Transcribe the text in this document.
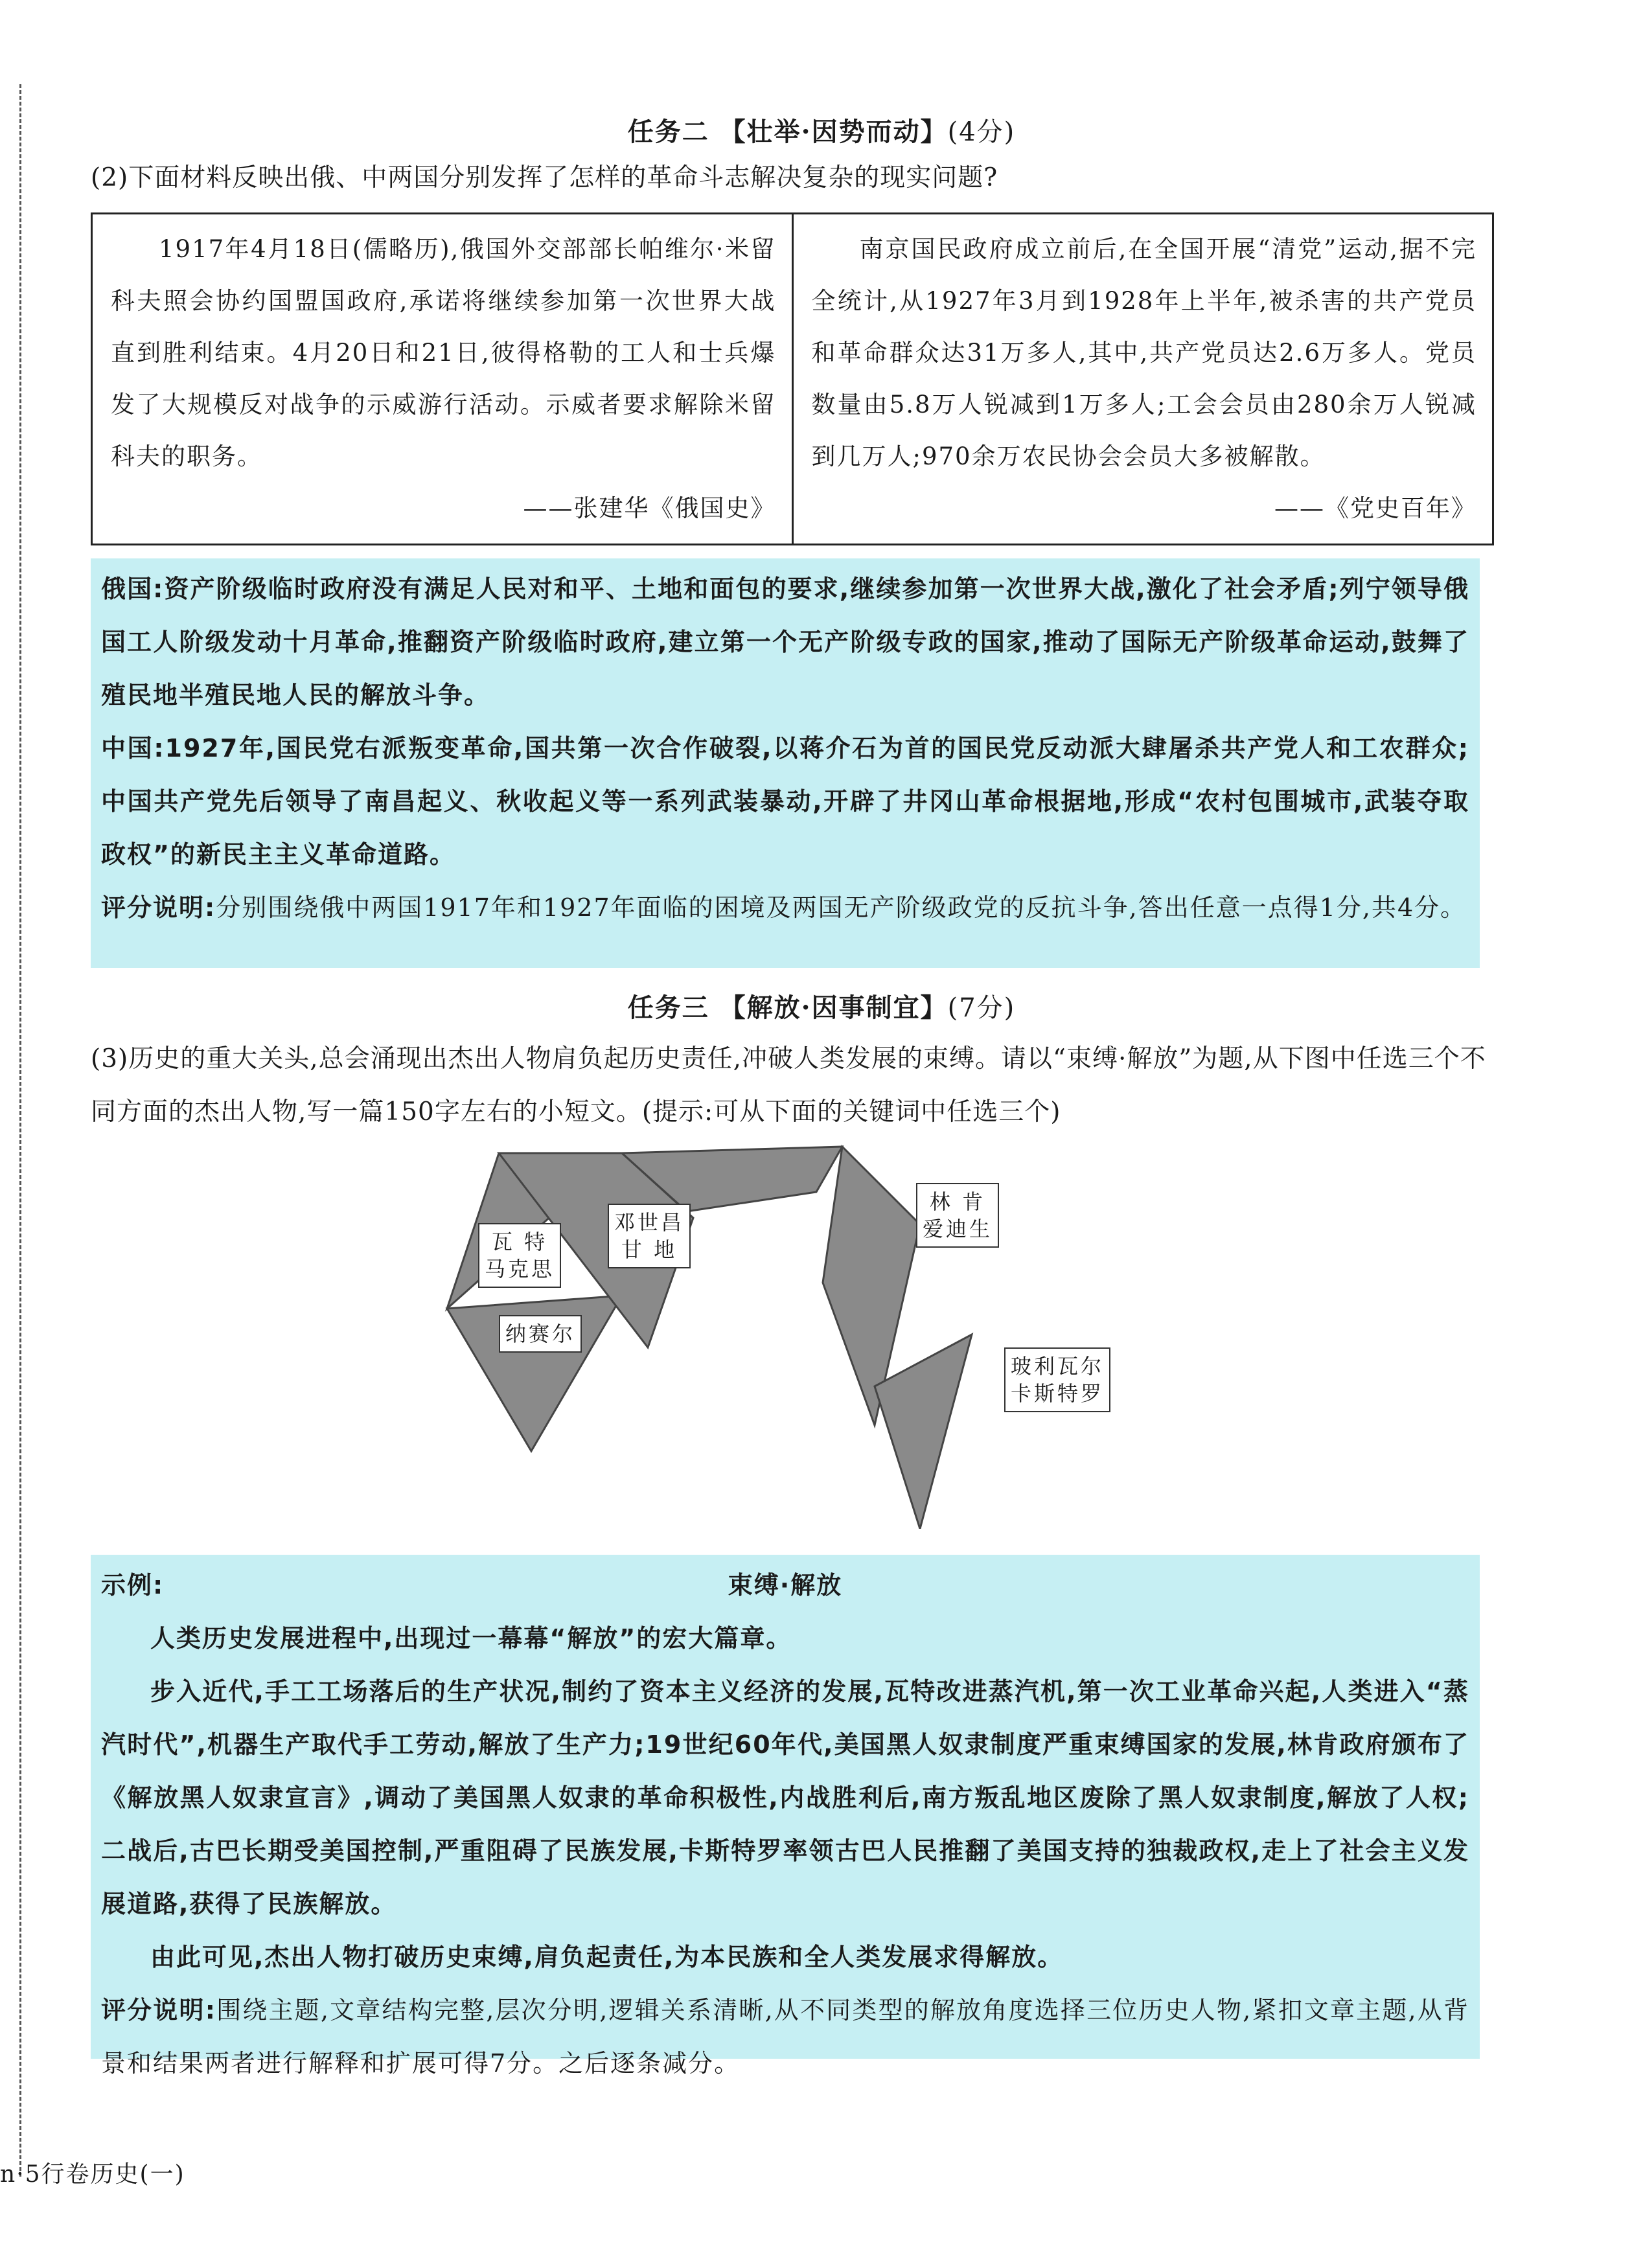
任务二 【壮举·因势而动】(4分)
(2)下面材料反映出俄、中两国分别发挥了怎样的革命斗志解决复杂的现实问题?

1917年4月18日(儒略历),俄国外交部部长帕维尔·米留科夫照会协约国盟国政府,承诺将继续参加第一次世界大战直到胜利结束。4月20日和21日,彼得格勒的工人和士兵爆发了大规模反对战争的示威游行活动。示威者要求解除米留科夫的职务。

——张建华《俄国史》

南京国民政府成立前后,在全国开展“清党”运动,据不完全统计,从1927年3月到1928年上半年,被杀害的共产党员和革命群众达31万多人,其中,共产党员达2.6万多人。党员数量由5.8万人锐减到1万多人;工会会员由280余万人锐减到几万人;970余万农民协会会员大多被解散。

——《党史百年》

俄国:资产阶级临时政府没有满足人民对和平、土地和面包的要求,继续参加第一次世界大战,激化了社会矛盾;列宁领导俄国工人阶级发动十月革命,推翻资产阶级临时政府,建立第一个无产阶级专政的国家,推动了国际无产阶级革命运动,鼓舞了殖民地半殖民地人民的解放斗争。

中国:1927年,国民党右派叛变革命,国共第一次合作破裂,以蒋介石为首的国民党反动派大肆屠杀共产党人和工农群众;中国共产党先后领导了南昌起义、秋收起义等一系列武装暴动,开辟了井冈山革命根据地,形成“农村包围城市,武装夺取政权”的新民主主义革命道路。

评分说明:分别围绕俄中两国1917年和1927年面临的困境及两国无产阶级政党的反抗斗争,答出任意一点得1分,共4分。

任务三 【解放·因事制宜】(7分)
(3)历史的重大关头,总会涌现出杰出人物肩负起历史责任,冲破人类发展的束缚。请以“束缚·解放”为题,从下图中任选三个不同方面的杰出人物,写一篇150字左右的小短文。(提示:可从下面的关键词中任选三个)
瓦 特
马克思
邓世昌
甘 地
纳赛尔
林 肯
爱迪生
玻利瓦尔
卡斯特罗

示例:	束缚·解放

人类历史发展进程中,出现过一幕幕“解放”的宏大篇章。

步入近代,手工工场落后的生产状况,制约了资本主义经济的发展,瓦特改进蒸汽机,第一次工业革命兴起,人类进入“蒸汽时代”,机器生产取代手工劳动,解放了生产力;19世纪60年代,美国黑人奴隶制度严重束缚国家的发展,林肯政府颁布了《解放黑人奴隶宣言》,调动了美国黑人奴隶的革命积极性,内战胜利后,南方叛乱地区废除了黑人奴隶制度,解放了人权;二战后,古巴长期受美国控制,严重阻碍了民族发展,卡斯特罗率领古巴人民推翻了美国支持的独裁政权,走上了社会主义发展道路,获得了民族解放。

由此可见,杰出人物打破历史束缚,肩负起责任,为本民族和全人类发展求得解放。

评分说明:围绕主题,文章结构完整,层次分明,逻辑关系清晰,从不同类型的解放角度选择三位历史人物,紧扣文章主题,从背景和结果两者进行解释和扩展可得7分。之后逐条减分。

n·5行卷历史(一)
